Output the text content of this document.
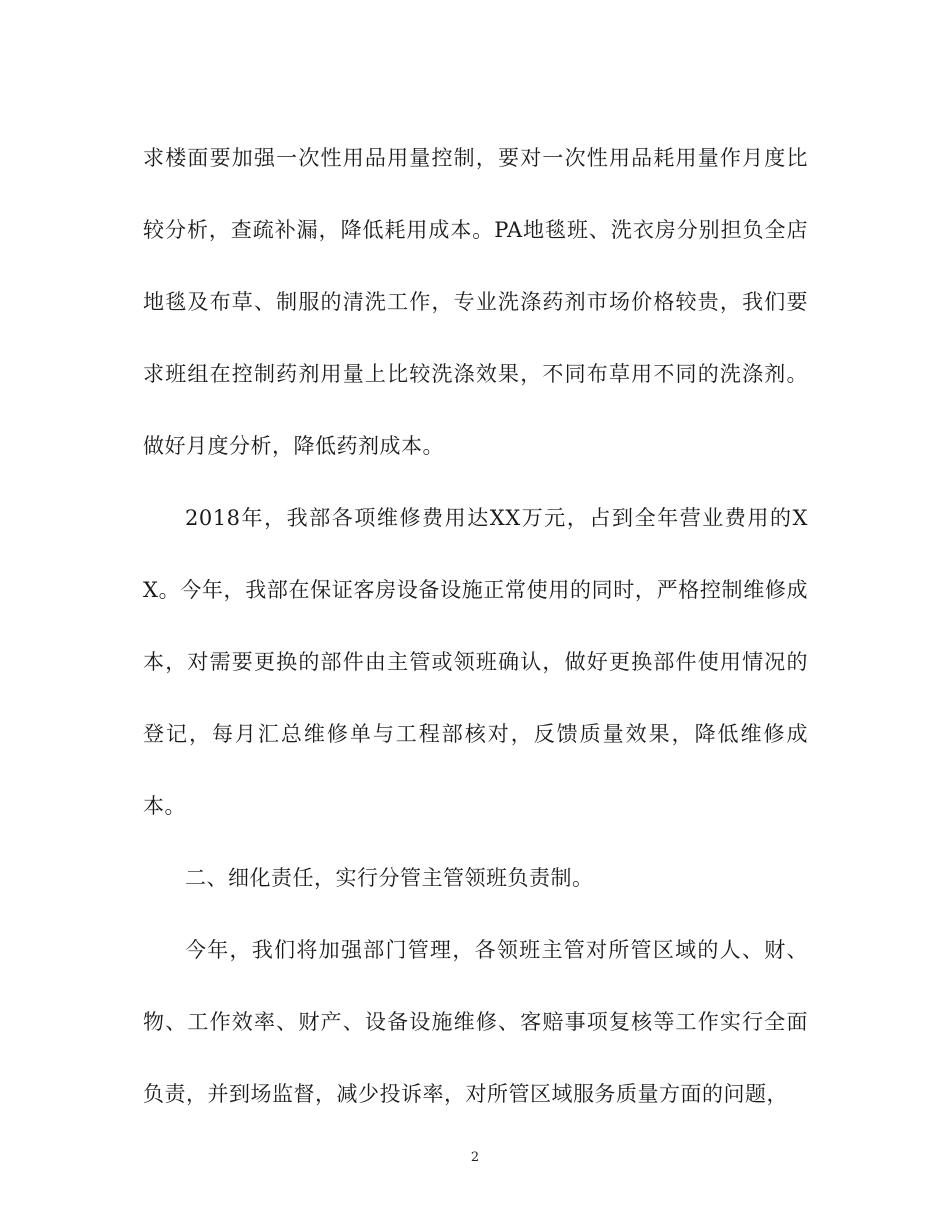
求楼面要加强一次性用品用量控制，要对一次性用品耗用量作月度比较分析，查疏补漏，降低耗用成本。PA地毯班、洗衣房分别担负全店地毯及布草、制服的清洗工作，专业洗涤药剂市场价格较贵，我们要求班组在控制药剂用量上比较洗涤效果，不同布草用不同的洗涤剂。做好月度分析，降低药剂成本。

2018年，我部各项维修费用达XX万元，占到全年营业费用的XX。今年，我部在保证客房设备设施正常使用的同时，严格控制维修成本，对需要更换的部件由主管或领班确认，做好更换部件使用情况的登记，每月汇总维修单与工程部核对，反馈质量效果，降低维修成本。

二、细化责任，实行分管主管领班负责制。

今年，我们将加强部门管理，各领班主管对所管区域的人、财、物、工作效率、财产、设备设施维修、客赔事项复核等工作实行全面负责，并到场监督，减少投诉率，对所管区域服务质量方面的问题，

2
